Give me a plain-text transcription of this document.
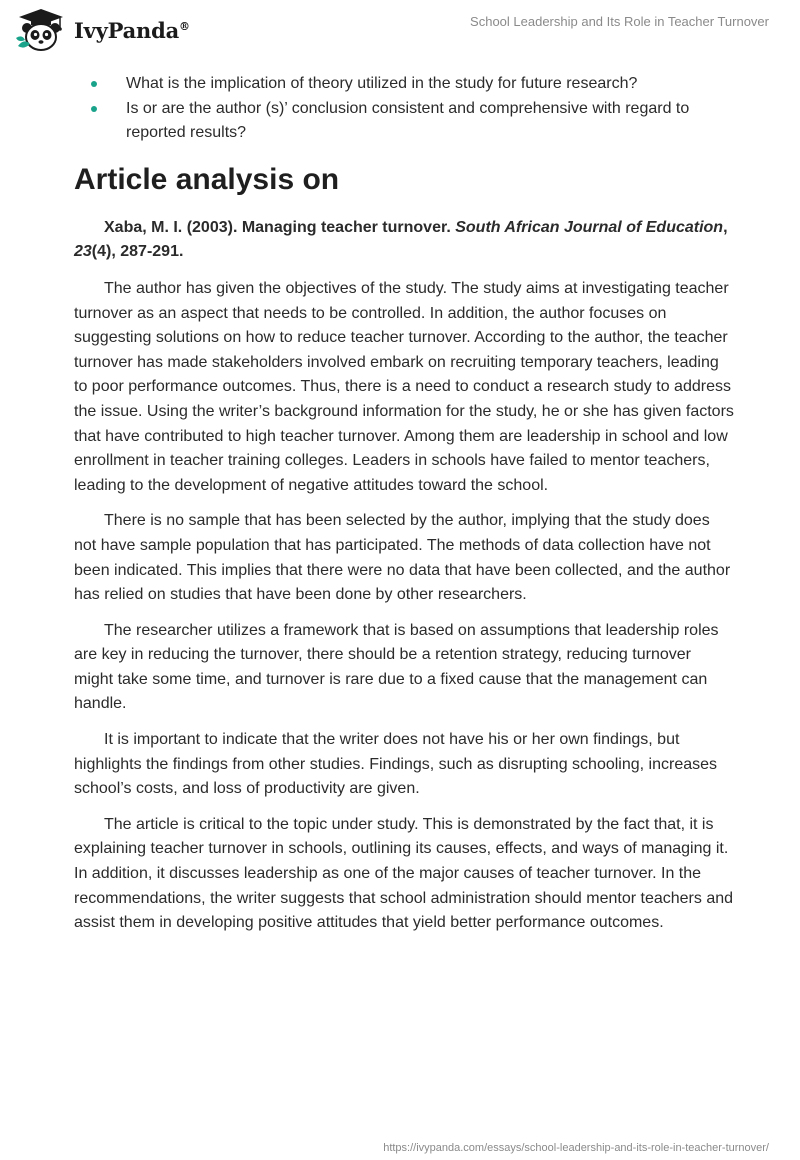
IvyPanda®	School Leadership and Its Role in Teacher Turnover
What is the implication of theory utilized in the study for future research?
Is or are the author (s)’ conclusion consistent and comprehensive with regard to reported results?
Article analysis on

Xaba, M. I. (2003). Managing teacher turnover. South African Journal of Education, 23(4), 287-291.

The author has given the objectives of the study. The study aims at investigating teacher turnover as an aspect that needs to be controlled. In addition, the author focuses on suggesting solutions on how to reduce teacher turnover. According to the author, the teacher turnover has made stakeholders involved embark on recruiting temporary teachers, leading to poor performance outcomes. Thus, there is a need to conduct a research study to address the issue. Using the writer’s background information for the study, he or she has given factors that have contributed to high teacher turnover. Among them are leadership in school and low enrollment in teacher training colleges. Leaders in schools have failed to mentor teachers, leading to the development of negative attitudes toward the school.

There is no sample that has been selected by the author, implying that the study does not have sample population that has participated. The methods of data collection have not been indicated. This implies that there were no data that have been collected, and the author has relied on studies that have been done by other researchers.

The researcher utilizes a framework that is based on assumptions that leadership roles are key in reducing the turnover, there should be a retention strategy, reducing turnover might take some time, and turnover is rare due to a fixed cause that the management can handle.

It is important to indicate that the writer does not have his or her own findings, but highlights the findings from other studies. Findings, such as disrupting schooling, increases school’s costs, and loss of productivity are given.

The article is critical to the topic under study. This is demonstrated by the fact that, it is explaining teacher turnover in schools, outlining its causes, effects, and ways of managing it. In addition, it discusses leadership as one of the major causes of teacher turnover. In the recommendations, the writer suggests that school administration should mentor teachers and assist them in developing positive attitudes that yield better performance outcomes.

https://ivypanda.com/essays/school-leadership-and-its-role-in-teacher-turnover/
